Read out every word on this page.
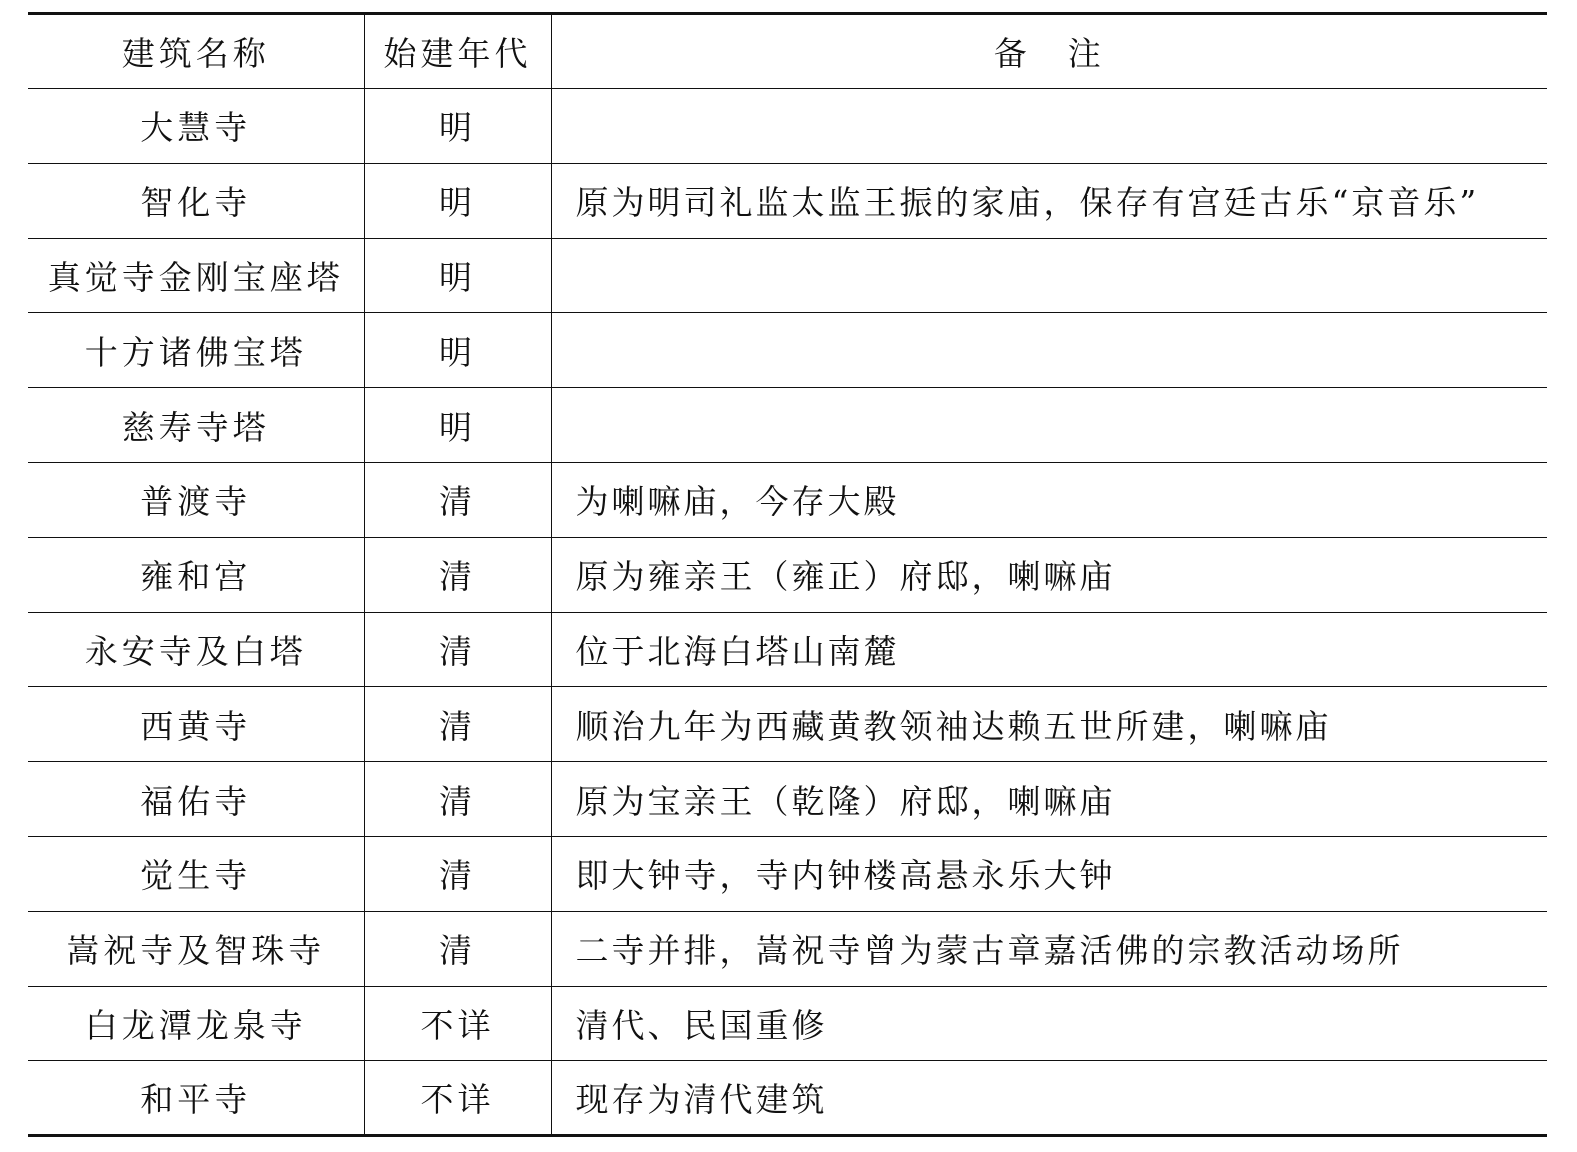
建筑名称	始建年代	备　注
大慧寺	明	
智化寺	明	原为明司礼监太监王振的家庙，保存有宫廷古乐“京音乐”
真觉寺金刚宝座塔	明	
十方诸佛宝塔	明	
慈寿寺塔	明	
普渡寺	清	为喇嘛庙，今存大殿
雍和宫	清	原为雍亲王（雍正）府邸，喇嘛庙
永安寺及白塔	清	位于北海白塔山南麓
西黄寺	清	顺治九年为西藏黄教领袖达赖五世所建，喇嘛庙
福佑寺	清	原为宝亲王（乾隆）府邸，喇嘛庙
觉生寺	清	即大钟寺，寺内钟楼高悬永乐大钟
嵩祝寺及智珠寺	清	二寺并排，嵩祝寺曾为蒙古章嘉活佛的宗教活动场所
白龙潭龙泉寺	不详	清代、民国重修
和平寺	不详	现存为清代建筑
